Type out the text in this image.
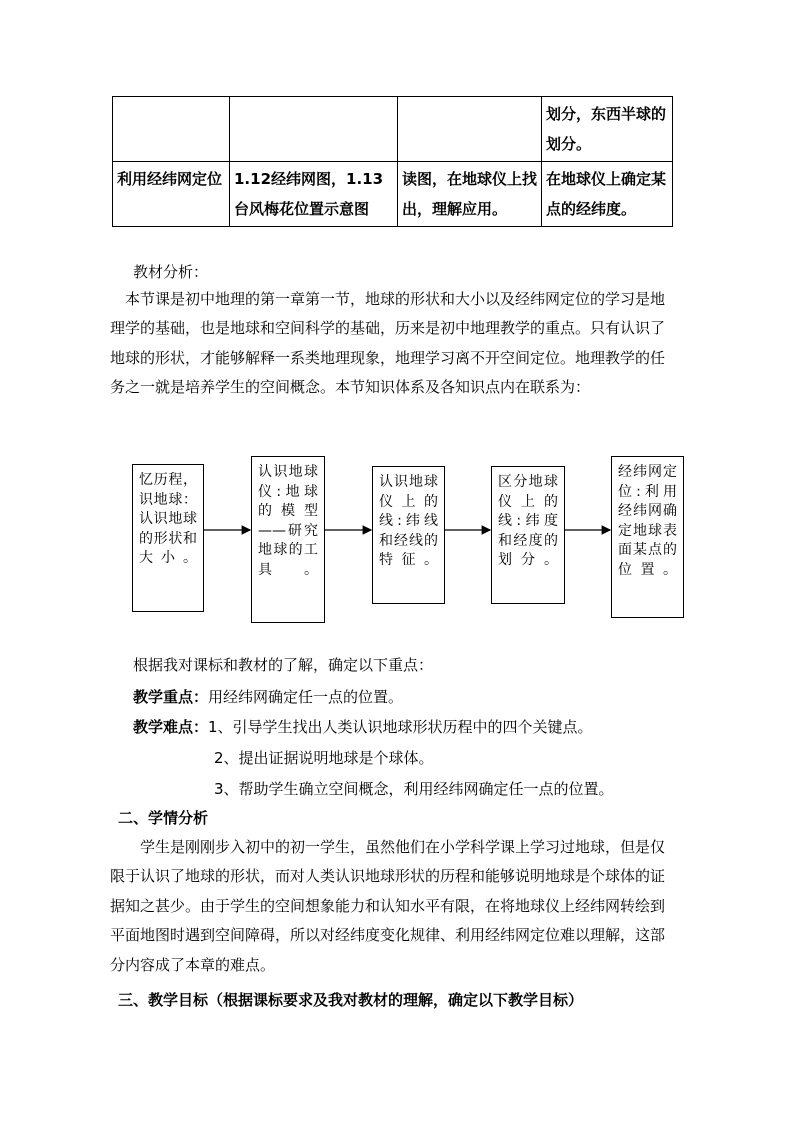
			划分，东西半球的划分。
利用经纬网定位	1.12经纬网图，1.13台风梅花位置示意图	读图，在地球仪上找出，理解应用。	在地球仪上确定某点的经纬度。
教材分析：
本节课是初中地理的第一章第一节，地球的形状和大小以及经纬网定位的学习是地理学的基础，也是地球和空间科学的基础，历来是初中地理教学的重点。只有认识了地球的形状，才能够解释一系类地理现象，地理学习离不开空间定位。地理教学的任务之一就是培养学生的空间概念。本节知识体系及各知识点内在联系为：
忆历程，识地球：认识地球的形状和大小。
认识地球仪:地球的模型——研究地球的工具。
认识地球仪上的线:纬线和经线的特征。
区分地球仪上的线:纬度和经度的划分。
经纬网定位:利用经纬网确定地球表面某点的位置。
根据我对课标和教材的了解，确定以下重点：
教学重点：用经纬网确定任一点的位置。
教学难点：1、引导学生找出人类认识地球形状历程中的四个关键点。
2、提出证据说明地球是个球体。
3、帮助学生确立空间概念，利用经纬网确定任一点的位置。
二、学情分析
学生是刚刚步入初中的初一学生，虽然他们在小学科学课上学习过地球，但是仅限于认识了地球的形状，而对人类认识地球形状的历程和能够说明地球是个球体的证据知之甚少。由于学生的空间想象能力和认知水平有限，在将地球仪上经纬网转绘到平面地图时遇到空间障碍，所以对经纬度变化规律、利用经纬网定位难以理解，这部分内容成了本章的难点。
三、教学目标（根据课标要求及我对教材的理解，确定以下教学目标）
